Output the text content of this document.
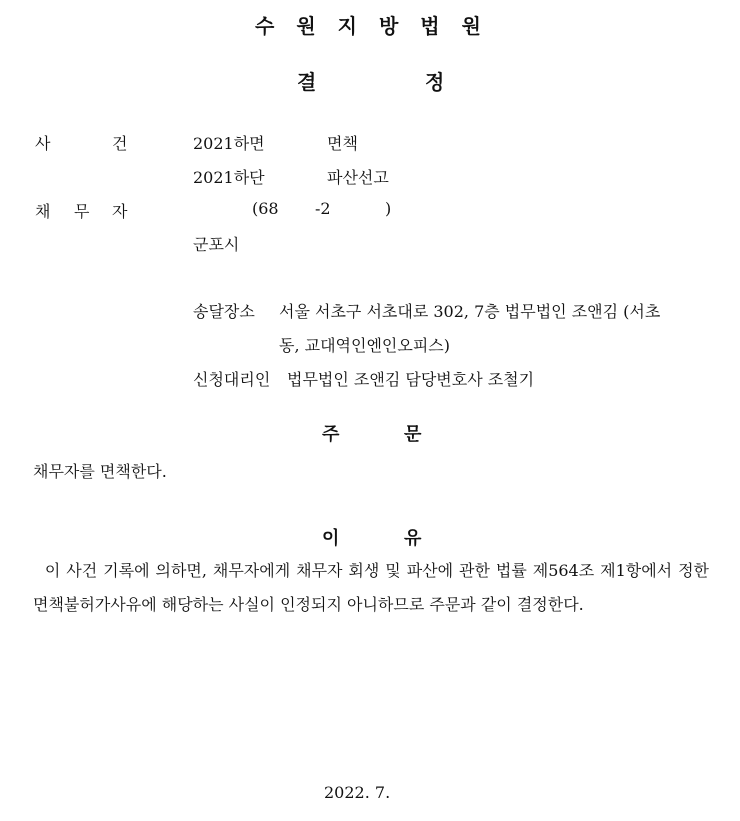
수원지방법원
결	정
사	건	2021하면	면책
2021하단	파산선고
채 무 자	(68 -2	)
군포시
송달장소 서울 서초구 서초대로 302, 7층 법무법인 조앤김 (서초
동, 교대역인엔인오피스)
신청대리인 법무법인 조앤김 담당변호사 조철기
주	문
채무자를 면책한다.
이	유
이 사건 기록에 의하면, 채무자에게 채무자 회생 및 파산에 관한 법률 제564조 제1항에서 정한 면책불허가사유에 해당하는 사실이 인정되지 아니하므로 주문과 같이 결정한다.
2022. 7.
